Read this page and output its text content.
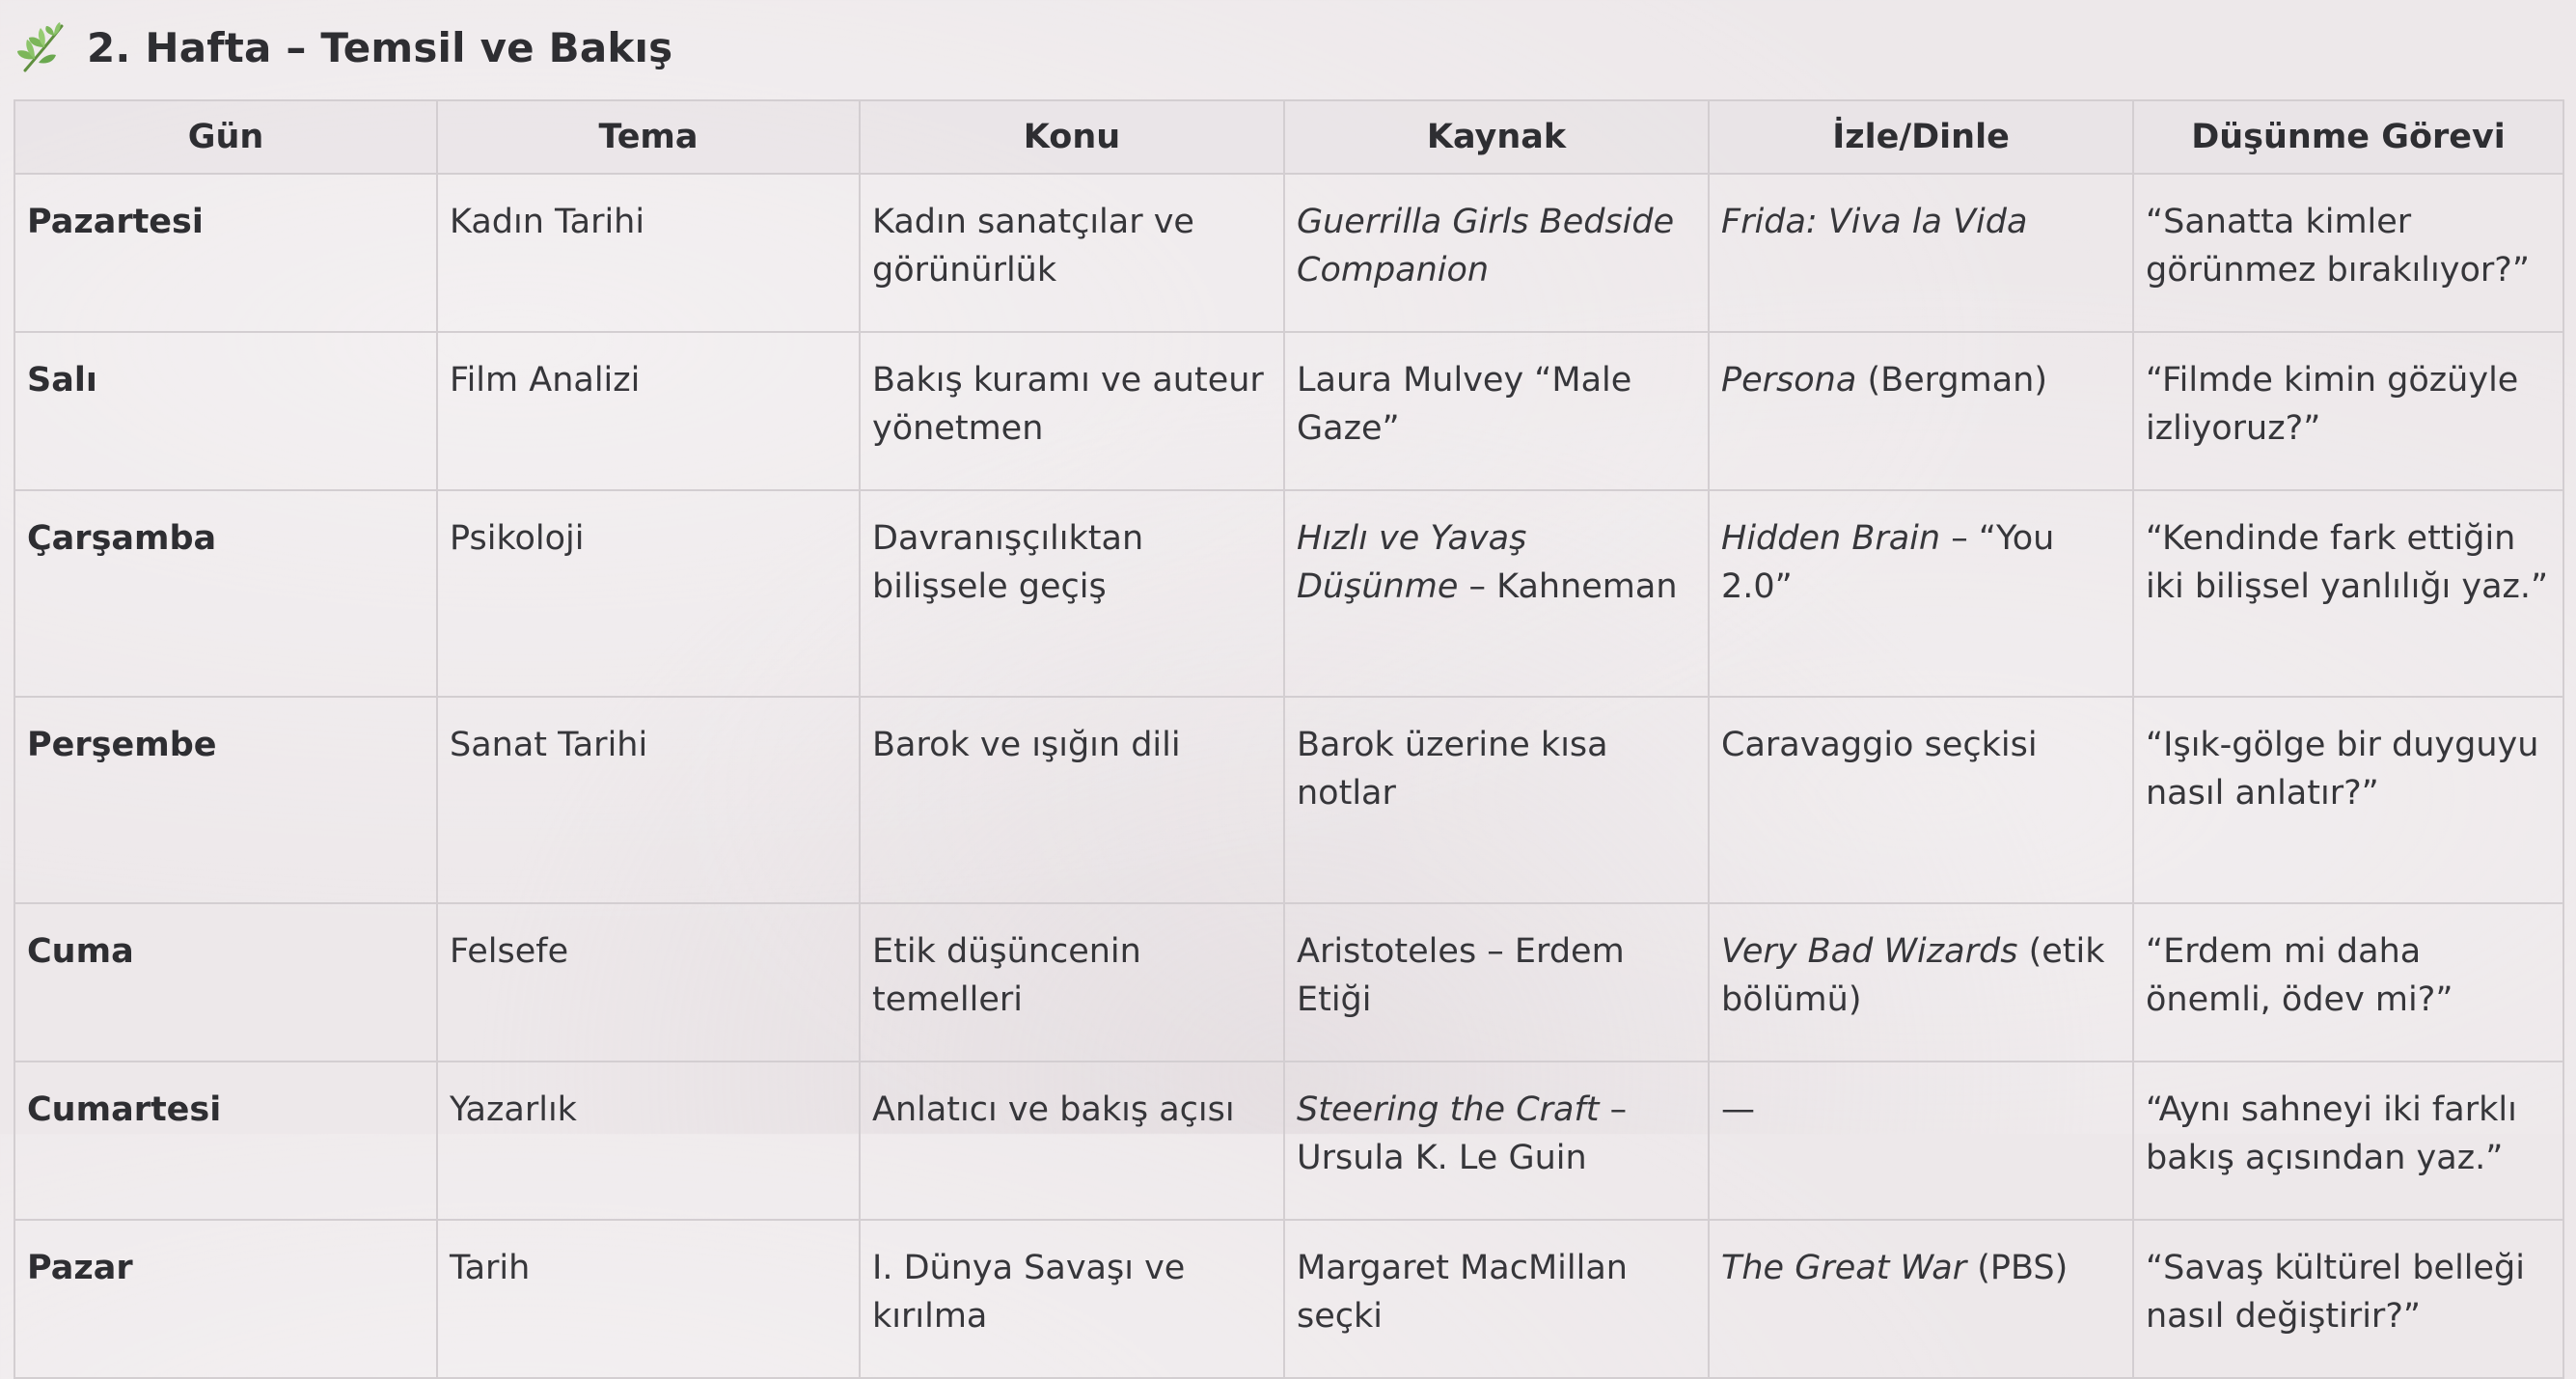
2. Hafta – Temsil ve Bakış
Gün	Tema	Konu	Kaynak	İzle/Dinle	Düşünme Görevi
Pazartesi	Kadın Tarihi	Kadın sanatçılar ve görünürlük	Guerrilla Girls Bedside Companion	Frida: Viva la Vida	“Sanatta kimler görünmez bırakılıyor?”
Salı	Film Analizi	Bakış kuramı ve auteur yönetmen	Laura Mulvey “Male Gaze”	Persona (Bergman)	“Filmde kimin gözüyle izliyoruz?”
Çarşamba	Psikoloji	Davranışçılıktan bilişsele geçiş	Hızlı ve Yavaş Düşünme – Kahneman	Hidden Brain – “You 2.0”	“Kendinde fark ettiğin iki bilişsel yanlılığı yaz.”
Perşembe	Sanat Tarihi	Barok ve ışığın dili	Barok üzerine kısa notlar	Caravaggio seçkisi	“Işık-gölge bir duyguyu nasıl anlatır?”
Cuma	Felsefe	Etik düşüncenin temelleri	Aristoteles – Erdem Etiği	Very Bad Wizards (etik bölümü)	“Erdem mi daha önemli, ödev mi?”
Cumartesi	Yazarlık	Anlatıcı ve bakış açısı	Steering the Craft – Ursula K. Le Guin	—	“Aynı sahneyi iki farklı bakış açısından yaz.”
Pazar	Tarih	I. Dünya Savaşı ve kırılma	Margaret MacMillan seçki	The Great War (PBS)	“Savaş kültürel belleği nasıl değiştirir?”
